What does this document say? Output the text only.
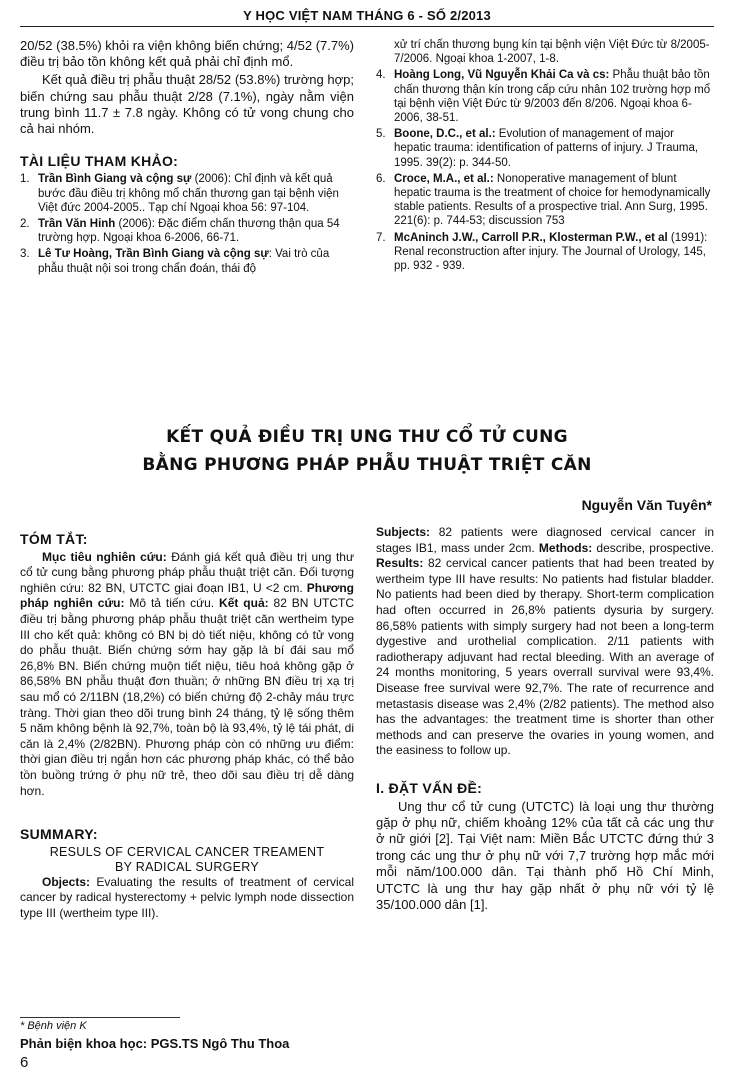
Y HỌC VIỆT NAM THÁNG 6 - SỐ 2/2013

20/52 (38.5%) khỏi ra viện không biến chứng; 4/52 (7.7%) điều trị bảo tồn không kết quả phải chỉ định mổ.

Kết quả điều trị phẫu thuật 28/52 (53.8%) trường hợp; biến chứng sau phẫu thuật 2/28 (7.1%), ngày nằm viện trung bình 11.7 ± 7.8 ngày. Không có tử vong chung cho cả hai nhóm.

TÀI LIỆU THAM KHẢO:

1. Trần Bình Giang và cộng sự (2006): Chỉ định và kết quả bước đầu điều trị không mổ chấn thương gan tại bệnh viện Việt đức 2004-2005.. Tạp chí Ngoại khoa 56: 97-104.
2. Trần Văn Hinh (2006): Đặc điểm chấn thương thận qua 54 trường hợp. Ngoại khoa 6-2006, 66-71.
3. Lê Tư Hoàng, Trần Bình Giang và cộng sự: Vai trò của phẫu thuật nội soi trong chẩn đoán, thái độ
xử trí chấn thương bụng kín tại bệnh viện Việt Đức từ 8/2005-7/2006. Ngoại khoa 1-2007, 1-8.
4. Hoàng Long, Vũ Nguyễn Khải Ca và cs: Phẫu thuật bảo tồn chấn thương thận kín trong cấp cứu nhân 102 trường hợp mổ tại bệnh viện Việt Đức từ 9/2003 đến 8/206. Ngoại khoa 6-2006, 38-51.
5. Boone, D.C., et al.: Evolution of management of major hepatic trauma: identification of patterns of injury. J Trauma, 1995. 39(2): p. 344-50.
6. Croce, M.A., et al.: Nonoperative management of blunt hepatic trauma is the treatment of choice for hemodynamically stable patients. Results of a prospective trial. Ann Surg, 1995. 221(6): p. 744-53; discussion 753
7. McAninch J.W., Carroll P.R., Klosterman P.W., et al (1991): Renal reconstruction after injury. The Journal of Urology, 145, pp. 932 - 939.
KẾT QUẢ ĐIỀU TRỊ UNG THƯ CỔ TỬ CUNG
BẰNG PHƯƠNG PHÁP PHẪU THUẬT TRIỆT CĂN
Nguyễn Văn Tuyên*

TÓM TẮT:

Mục tiêu nghiên cứu: Đánh giá kết quả điều trị ung thư cổ tử cung bằng phương pháp phẫu thuật triệt căn. Đối tượng nghiên cứu: 82 BN, UTCTC giai đoạn IB1, U <2 cm. Phương pháp nghiên cứu: Mô tả tiến cứu. Kết quả: 82 BN UTCTC điều trị bằng phương pháp phẫu thuật triệt căn wertheim type III cho kết quả: không có BN bị dò tiết niệu, không có tử vong do phẫu thuật. Biến chứng sớm hay gặp là bí đái sau mổ 26,8% BN. Biến chứng muộn tiết niệu, tiêu hoá không gặp ở 86,58% BN phẫu thuật đơn thuần; ở những BN điều trị xạ trị sau mổ có 2/11BN (18,2%) có biến chứng độ 2-chảy máu trực tràng. Thời gian theo dõi trung bình 24 tháng, tỷ lệ sống thêm 5 năm không bệnh là 92,7%, toàn bộ là 93,4%, tỷ lệ tái phát, di căn là 2,4% (2/82BN). Phương pháp còn có những ưu điểm: thời gian điều trị ngắn hơn các phương pháp khác, có thể bảo tồn buồng trứng ở phụ nữ trẻ, theo dõi sau điều trị dễ dàng hơn.

SUMMARY:

RESULS OF CERVICAL CANCER TREAMENT

BY RADICAL SURGERY

Objects: Evaluating the results of treatment of cervical cancer by radical hysterectomy + pelvic lymph node dissection type III (wertheim type III).

Subjects: 82 patients were diagnosed cervical cancer in stages IB1, mass under 2cm. Methods: describe, prospective. Results: 82 cervical cancer patients that had been treated by wertheim type III have results: No patients had fistular bladder. No patients had been died by therapy. Short-term complication had often occurred in 26,8% patients dysuria by surgery. 86,58% patients with simply surgery had not been a long-term dygestive and urothelial complication. 2/11 patients with radiotherapy adjuvant had rectal bleeding. With an average of 24 months monitoring, 5 years overrall survival were 93,4%. Disease free survival were 92,7%. The rate of recurrence and metastasis disease was 2,4% (2/82 patients). The method also has the advantages: the treatment time is shorter than other methods and can preserve the ovaries in young women, and the easiness to follow up.

I. ĐẶT VẤN ĐỀ:

Ung thư cổ tử cung (UTCTC) là loại ung thư thường gặp ở phụ nữ, chiếm khoảng 12% của tất cả các ung thư ở nữ giới [2]. Tại Việt nam: Miền Bắc UTCTC đứng thứ 3 trong các ung thư ở phụ nữ với 7,7 trường hợp mắc mới mỗi năm/100.000 dân. Tại thành phố Hồ Chí Minh, UTCTC là ung thư hay gặp nhất ở phụ nữ với tỷ lệ 35/100.000 dân [1].

* Bệnh viện K
Phản biện khoa học: PGS.TS Ngô Thu Thoa
6
